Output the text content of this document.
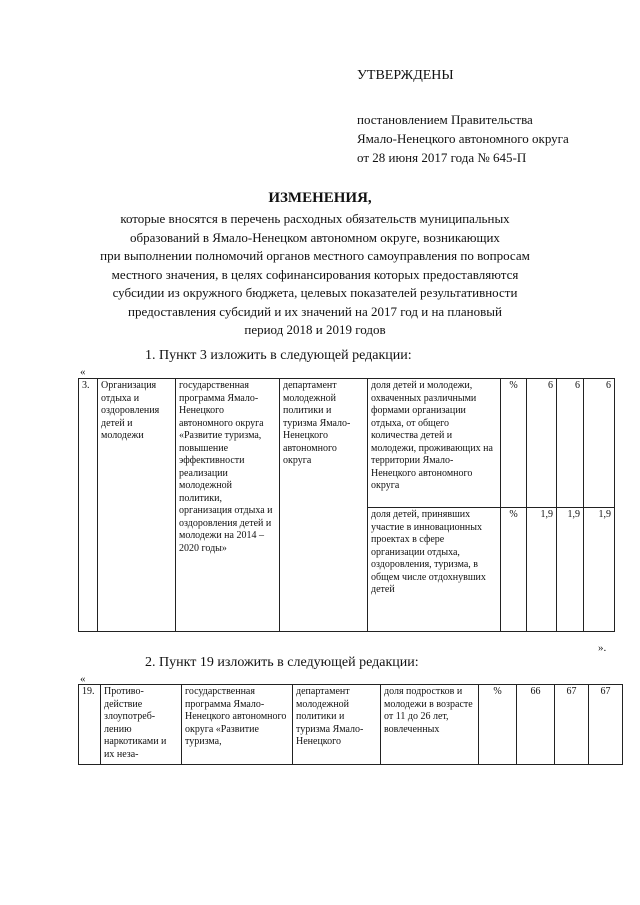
УТВЕРЖДЕНЫ
постановлением Правительства
Ямало-Ненецкого автономного округа
от 28 июня 2017 года № 645-П
ИЗМЕНЕНИЯ,
которые вносятся в перечень расходных обязательств муниципальных
образований в Ямало-Ненецком автономном округе, возникающих
при выполнении полномочий органов местного самоуправления по вопросам
местного значения, в целях софинансирования которых предоставляются
субсидии из окружного бюджета, целевых показателей результативности
предоставления субсидий и их значений на 2017 год и на плановый
период 2018 и 2019 годов
1. Пункт 3 изложить в следующей редакции:
«
3.	Организация отдыха и оздоровления детей и молодежи	государственная программа Ямало-Ненецкого автономного округа «Развитие туризма, повышение эффективности реализации молодежной политики, организация отдыха и оздоровления детей и молодежи на 2014 – 2020 годы»	департамент молодежной политики и туризма Ямало-Ненецкого автономного округа	доля детей и молодежи, охваченных различными формами организации отдыха, от общего количества детей и молодежи, проживающих на территории Ямало-Ненецкого автономного округа	%	6	6	6
				доля детей, принявших участие в инновационных проектах в сфере организации отдыха, оздоровления, туризма, в общем числе отдохнувших детей	%	1,9	1,9	1,9
».
2. Пункт 19 изложить в следующей редакции:
«
19.	Противо-действие злоупотреб-лению наркотиками и их неза-	государственная программа Ямало-Ненецкого автономного округа «Развитие туризма,	департамент молодежной политики и туризма Ямало-Ненецкого	доля подростков и молодежи в возрасте от 11 до 26 лет, вовлеченных	%	66	67	67
